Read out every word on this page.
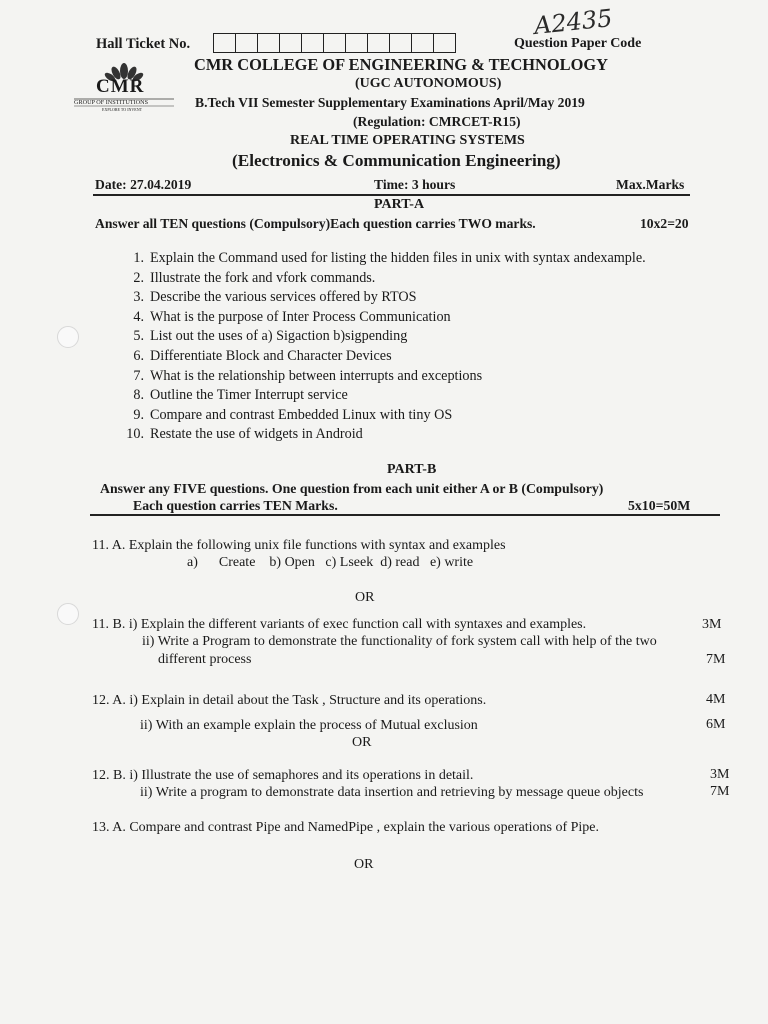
Hall Ticket No.
A2435
Question Paper Code
CMR
GROUP OF INSTITUTIONS
EXPLORE TO INVENT
CMR COLLEGE OF ENGINEERING & TECHNOLOGY
(UGC AUTONOMOUS)
B.Tech VII Semester Supplementary Examinations April/May 2019
(Regulation: CMRCET-R15)
REAL TIME OPERATING SYSTEMS
(Electronics & Communication Engineering)
Date: 27.04.2019	Time: 3 hours	Max.Marks
PART-A
Answer all TEN questions (Compulsory)Each question carries TWO marks.	10x2=20
1. Explain the Command used for listing the hidden files in unix with syntax andexample.
2. Illustrate the fork and vfork commands.
3. Describe the various services offered by RTOS
4. What is the purpose of Inter Process Communication
5. List out the uses of a) Sigaction b)sigpending
6. Differentiate Block and Character Devices
7. What is the relationship between interrupts and exceptions
8. Outline the Timer Interrupt service
9. Compare and contrast Embedded Linux with tiny OS
10. Restate the use of widgets in Android
PART-B
Answer any FIVE questions. One question from each unit either A or B (Compulsory)
Each question carries TEN Marks.	5x10=50M
11. A. Explain the following unix file functions with syntax and examples
a)      Create    b) Open   c) Lseek  d) read   e) write
OR
11. B. i) Explain the different variants of exec function call with syntaxes and examples.	3M
ii) Write a Program to demonstrate the functionality of fork system call with help of the two
different process	7M
12. A. i) Explain in detail about the Task , Structure and its operations.	4M
ii) With an example explain the process of Mutual exclusion	6M
OR
12. B. i) Illustrate the use of semaphores and its operations in detail.	3M
ii) Write a program to demonstrate data insertion and retrieving by message queue objects	7M
13. A. Compare and contrast Pipe and NamedPipe , explain the various operations of Pipe.
OR
